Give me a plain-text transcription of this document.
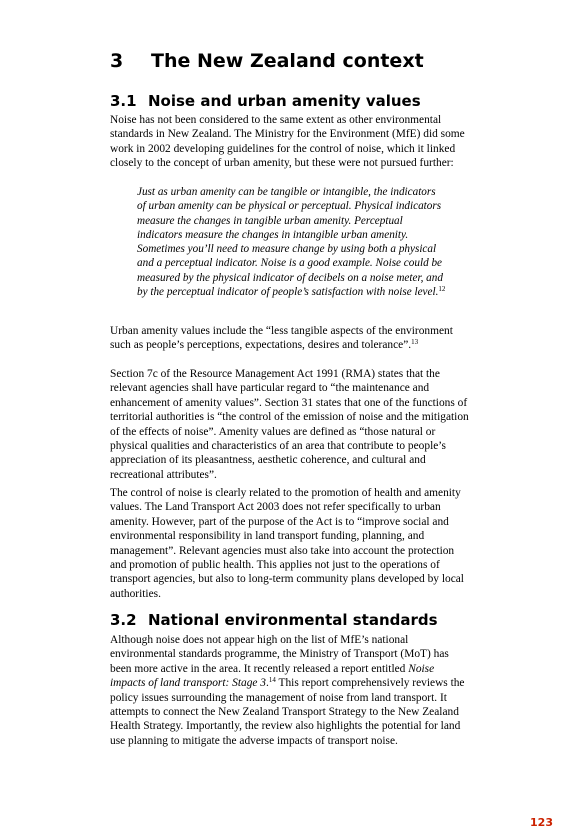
3 The New Zealand context
3.1 Noise and urban amenity values

Noise has not been considered to the same extent as other environmental standards in New Zealand. The Ministry for the Environment (MfE) did some work in 2002 developing guidelines for the control of noise, which it linked closely to the concept of urban amenity, but these were not pursued further:

Just as urban amenity can be tangible or intangible, the indicators of urban amenity can be physical or perceptual. Physical indicators measure the changes in tangible urban amenity. Perceptual indicators measure the changes in intangible urban amenity. Sometimes you’ll need to measure change by using both a physical and a perceptual indicator. Noise is a good example. Noise could be measured by the physical indicator of decibels on a noise meter, and by the perceptual indicator of people’s satisfaction with noise level.$^{12}$

Urban amenity values include the “less tangible aspects of the environment such as people’s perceptions, expectations, desires and tolerance”.$^{13}$

Section 7c of the Resource Management Act 1991 (RMA) states that the relevant agencies shall have particular regard to “the maintenance and enhancement of amenity values”. Section 31 states that one of the functions of territorial authorities is “the control of the emission of noise and the mitigation of the effects of noise”. Amenity values are defined as “those natural or physical qualities and characteristics of an area that contribute to people’s appreciation of its pleasantness, aesthetic coherence, and cultural and recreational attributes”.

The control of noise is clearly related to the promotion of health and amenity values. The Land Transport Act 2003 does not refer specifically to urban amenity. However, part of the purpose of the Act is to “improve social and environmental responsibility in land transport funding, planning, and management”. Relevant agencies must also take into account the protection and promotion of public health. This applies not just to the operations of transport agencies, but also to long-term community plans developed by local authorities.

3.2 National environmental standards

Although noise does not appear high on the list of MfE’s national environmental standards programme, the Ministry of Transport (MoT) has been more active in the area. It recently released a report entitled Noise impacts of land transport: Stage 3.14 This report comprehensively reviews the policy issues surrounding the management of noise from land transport. It attempts to connect the New Zealand Transport Strategy to the New Zealand Health Strategy. Importantly, the review also highlights the potential for land use planning to mitigate the adverse impacts of transport noise.

123
